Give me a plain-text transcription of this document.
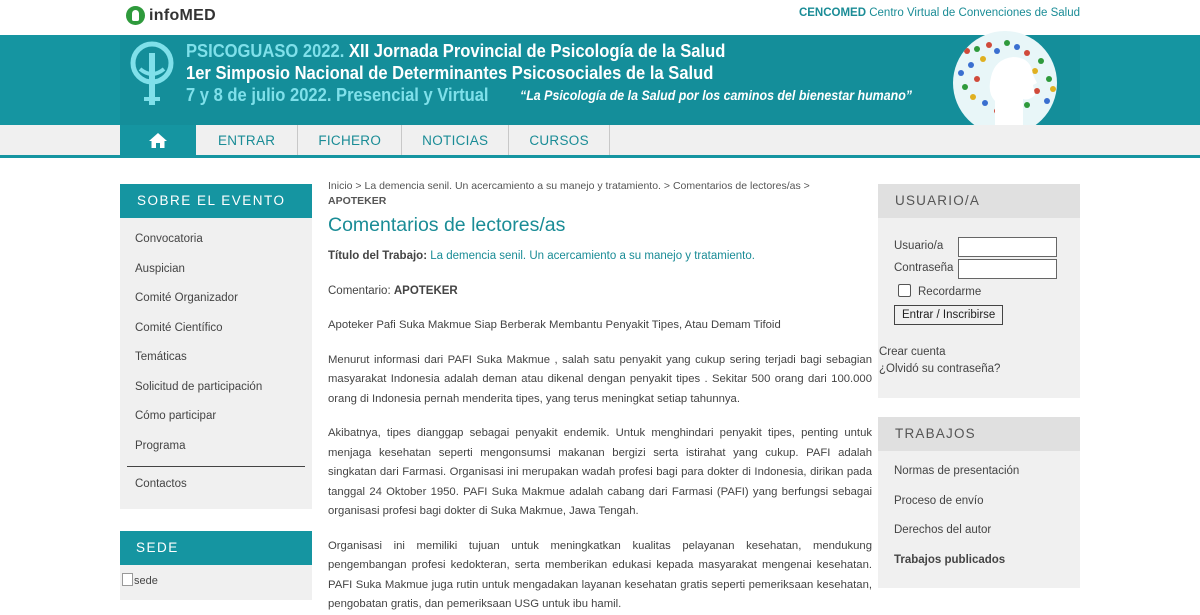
infoMED	CENCOMED Centro Virtual de Convenciones de Salud
PSICOGUASO 2022. XII Jornada Provincial de Psicología de la Salud
1er Simposio Nacional de Determinantes Psicosociales de la Salud
7 y 8 de julio 2022. Presencial y Virtual “La Psicología de la Salud por los caminos del bienestar humano”
ENTRAR	FICHERO	NOTICIAS	CURSOS
SOBRE EL EVENTO
Convocatoria
Auspician
Comité Organizador
Comité Científico
Temáticas
Solicitud de participación
Cómo participar
Programa
Contactos
SEDE
sede
Inicio > La demencia senil. Un acercamiento a su manejo y tratamiento. > Comentarios de lectores/as >
APOTEKER
Comentarios de lectores/as
Título del Trabajo: La demencia senil. Un acercamiento a su manejo y tratamiento.
Comentario: APOTEKER
Apoteker Pafi Suka Makmue Siap Berberak Membantu Penyakit Tipes, Atau Demam Tifoid
Menurut informasi dari PAFI Suka Makmue , salah satu penyakit yang cukup sering terjadi bagi sebagian masyarakat Indonesia adalah deman atau dikenal dengan penyakit tipes . Sekitar 500 orang dari 100.000 orang di Indonesia pernah menderita tipes, yang terus meningkat setiap tahunnya.
Akibatnya, tipes dianggap sebagai penyakit endemik. Untuk menghindari penyakit tipes, penting untuk menjaga kesehatan seperti mengonsumsi makanan bergizi serta istirahat yang cukup. PAFI adalah singkatan dari Farmasi. Organisasi ini merupakan wadah profesi bagi para dokter di Indonesia, dirikan pada tanggal 24 Oktober 1950. PAFI Suka Makmue adalah cabang dari Farmasi (PAFI) yang berfungsi sebagai organisasi profesi bagi dokter di Suka Makmue, Jawa Tengah.
Organisasi ini memiliki tujuan untuk meningkatkan kualitas pelayanan kesehatan, mendukung pengembangan profesi kedokteran, serta memberikan edukasi kepada masyarakat mengenai kesehatan. PAFI Suka Makmue juga rutin untuk mengadakan layanan kesehatan gratis seperti pemeriksaan kesehatan, pengobatan gratis, dan pemeriksaan USG untuk ibu hamil.
USUARIO/A
Usuario/a
Contraseña
Recordarme
Entrar / Inscribirse
Crear cuenta
¿Olvidó su contraseña?
TRABAJOS
Normas de presentación
Proceso de envío
Derechos del autor
Trabajos publicados
